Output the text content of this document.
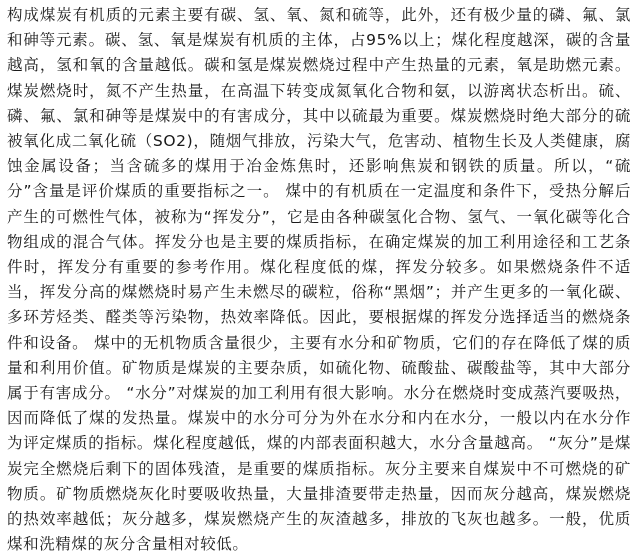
构成煤炭有机质的元素主要有碳、氢、氧、氮和硫等，此外，还有极少量的磷、氟、氯和砷等元素。碳、氢、氧是煤炭有机质的主体，占95%以上；煤化程度越深，碳的含量越高，氢和氧的含量越低。碳和氢是煤炭燃烧过程中产生热量的元素，氧是助燃元素。煤炭燃烧时，氮不产生热量，在高温下转变成氮氧化合物和氨，以游离状态析出。硫、磷、氟、氯和砷等是煤炭中的有害成分，其中以硫最为重要。煤炭燃烧时绝大部分的硫被氧化成二氧化硫（SO2)，随烟气排放，污染大气，危害动、植物生长及人类健康，腐蚀金属设备；当含硫多的煤用于冶金炼焦时，还影响焦炭和钢铁的质量。所以，“硫分”含量是评价煤质的重要指标之一。 煤中的有机质在一定温度和条件下，受热分解后产生的可燃性气体，被称为“挥发分”，它是由各种碳氢化合物、氢气、一氧化碳等化合物组成的混合气体。挥发分也是主要的煤质指标，在确定煤炭的加工利用途径和工艺条件时，挥发分有重要的参考作用。煤化程度低的煤，挥发分较多。如果燃烧条件不适当，挥发分高的煤燃烧时易产生未燃尽的碳粒，俗称“黑烟”；并产生更多的一氧化碳、多环芳烃类、醛类等污染物，热效率降低。因此，要根据煤的挥发分选择适当的燃烧条件和设备。 煤中的无机物质含量很少，主要有水分和矿物质，它们的存在降低了煤的质量和利用价值。矿物质是煤炭的主要杂质，如硫化物、硫酸盐、碳酸盐等，其中大部分属于有害成分。 “水分”对煤炭的加工利用有很大影响。水分在燃烧时变成蒸汽要吸热，因而降低了煤的发热量。煤炭中的水分可分为外在水分和内在水分，一般以内在水分作为评定煤质的指标。煤化程度越低，煤的内部表面积越大，水分含量越高。 “灰分”是煤炭完全燃烧后剩下的固体残渣，是重要的煤质指标。灰分主要来自煤炭中不可燃烧的矿物质。矿物质燃烧灰化时要吸收热量，大量排渣要带走热量，因而灰分越高，煤炭燃烧的热效率越低；灰分越多，煤炭燃烧产生的灰渣越多，排放的飞灰也越多。一般，优质煤和洗精煤的灰分含量相对较低。
